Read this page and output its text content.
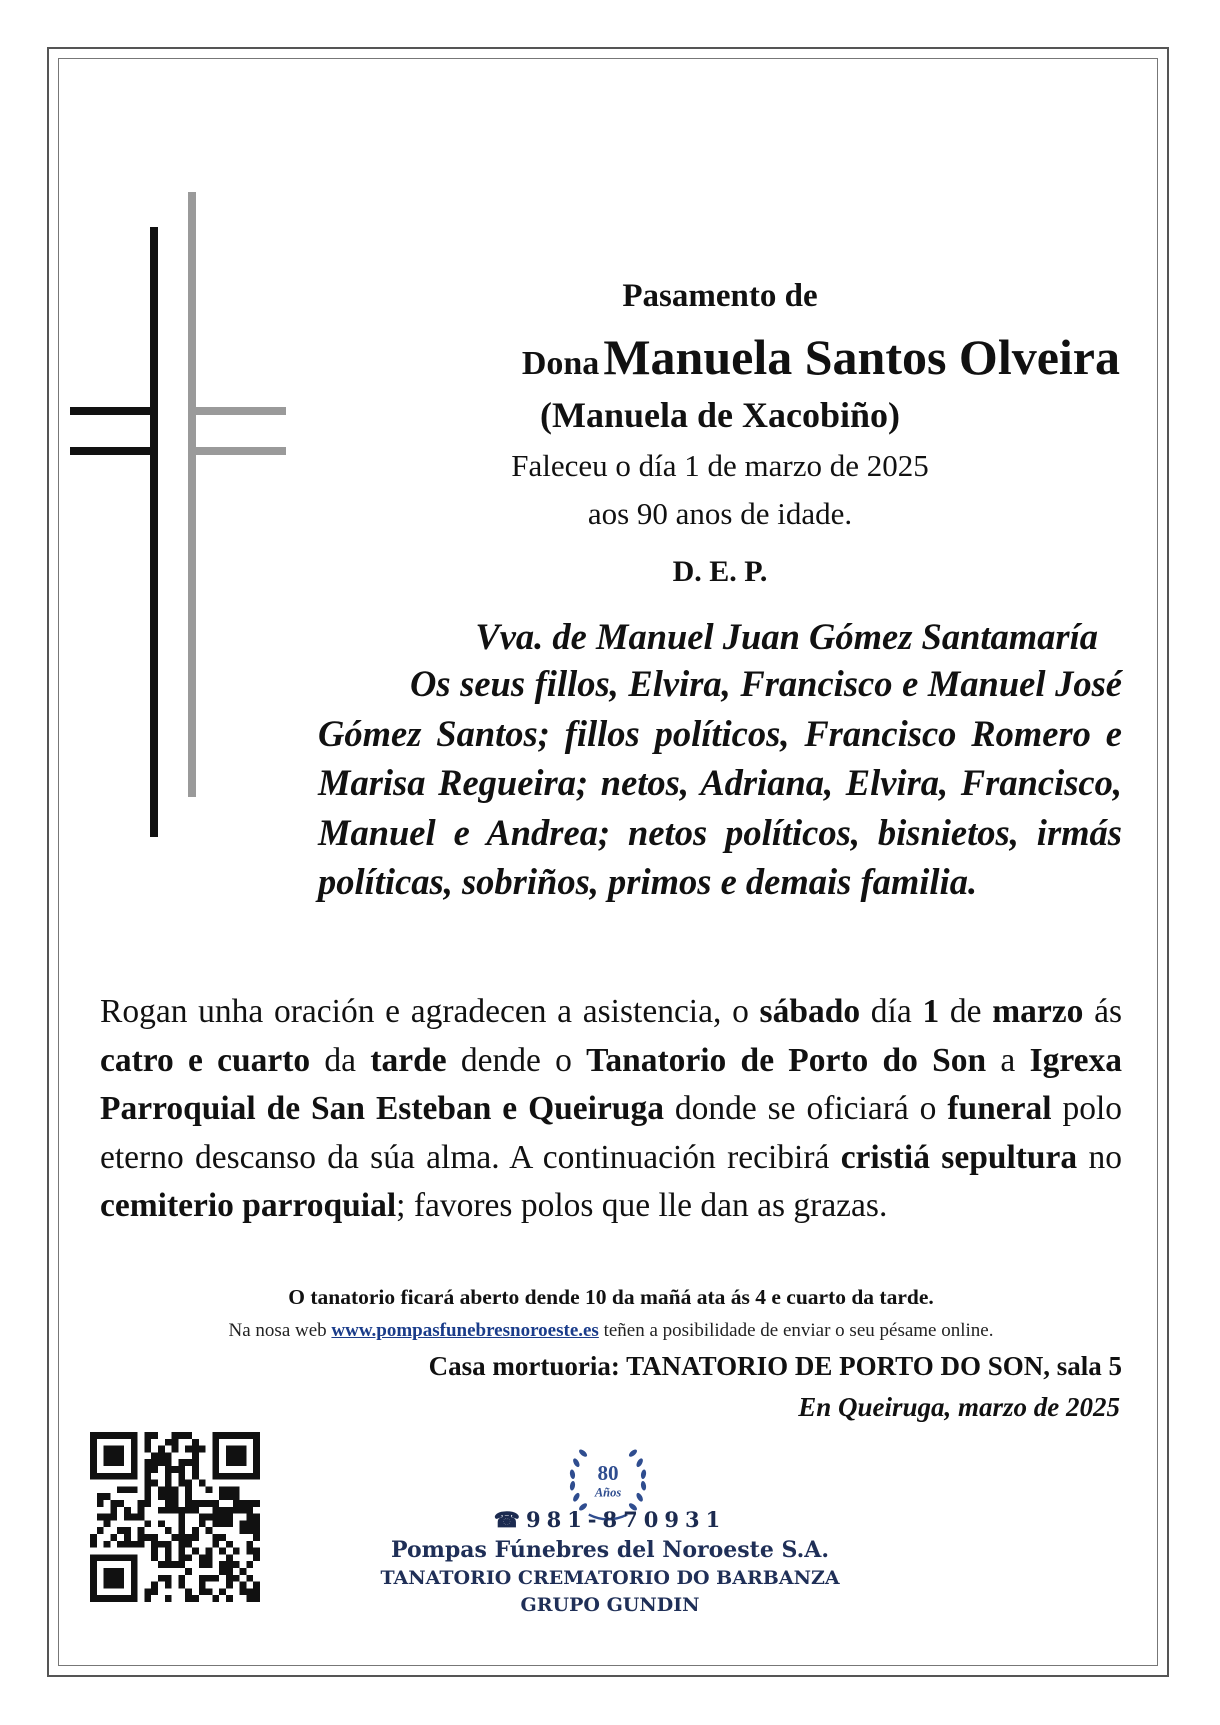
Pasamento de
Dona Manuela Santos Olveira
(Manuela de Xacobiño)
Faleceu o día 1 de marzo de 2025
aos 90 anos de idade.
D. E. P.
Vva. de Manuel Juan Gómez Santamaría
Os seus fillos, Elvira, Francisco e Manuel José Gómez Santos; fillos políticos, Francisco Romero e Marisa Regueira; netos, Adriana, Elvira, Francisco, Manuel e Andrea; netos políticos, bisnietos, irmás políticas, sobriños, primos e demais familia.
Rogan unha oración e agradecen a asistencia, o sábado día 1 de marzo ás catro e cuarto da tarde dende o Tanatorio de Porto do Son a Igrexa Parroquial de San Esteban e Queiruga donde se oficiará o funeral polo eterno descanso da súa alma. A continuación recibirá cristiá sepultura no cemiterio parroquial; favores polos que lle dan as grazas.
O tanatorio ficará aberto dende 10 da mañá ata ás 4 e cuarto da tarde.
Na nosa web www.pompasfunebresnoroeste.es teñen a posibilidade de enviar o seu pésame online.
Casa mortuoria: TANATORIO DE PORTO DO SON, sala 5
En Queiruga, marzo de 2025
80
Años
☎981-870931
Pompas Fúnebres del Noroeste S.A.
TANATORIO CREMATORIO DO BARBANZA
GRUPO GUNDIN
